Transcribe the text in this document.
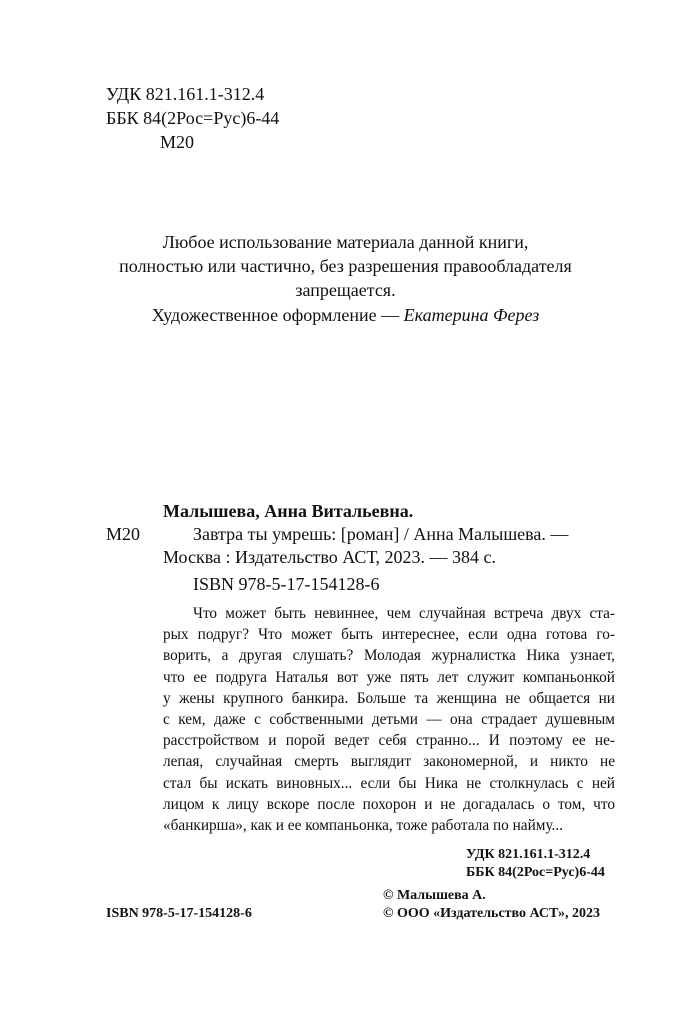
УДК 821.161.1-312.4
ББК 84(2Рос=Рус)6-44
М20
Любое использование материала данной книги,
полностью или частично, без разрешения правообладателя
запрещается.
Художественное оформление — Екатерина Ферез
Малышева, Анна Витальевна.
М20	Завтра ты умрешь: [роман] / Анна Малышева. —
Москва : Издательство АСТ, 2023. — 384 с.
ISBN 978-5-17-154128-6

Что может быть невиннее, чем случайная встреча двух ста-

рых подруг? Что может быть интереснее, если одна готова го-

ворить, а другая слушать? Молодая журналистка Ника узнает,

что ее подруга Наталья вот уже пять лет служит компаньонкой

у жены крупного банкира. Больше та женщина не общается ни

с кем, даже с собственными детьми — она страдает душевным

расстройством и порой ведет себя странно... И поэтому ее не-

лепая, случайная смерть выглядит закономерной, и никто не

стал бы искать виновных... если бы Ника не столкнулась с ней

лицом к лицу вскоре после похорон и не догадалась о том, что

«банкирша», как и ее компаньонка, тоже работала по найму...

УДК 821.161.1-312.4
ББК 84(2Рос=Рус)6-44
© Малышева А.
ISBN 978-5-17-154128-6	© ООО «Издательство АСТ», 2023
